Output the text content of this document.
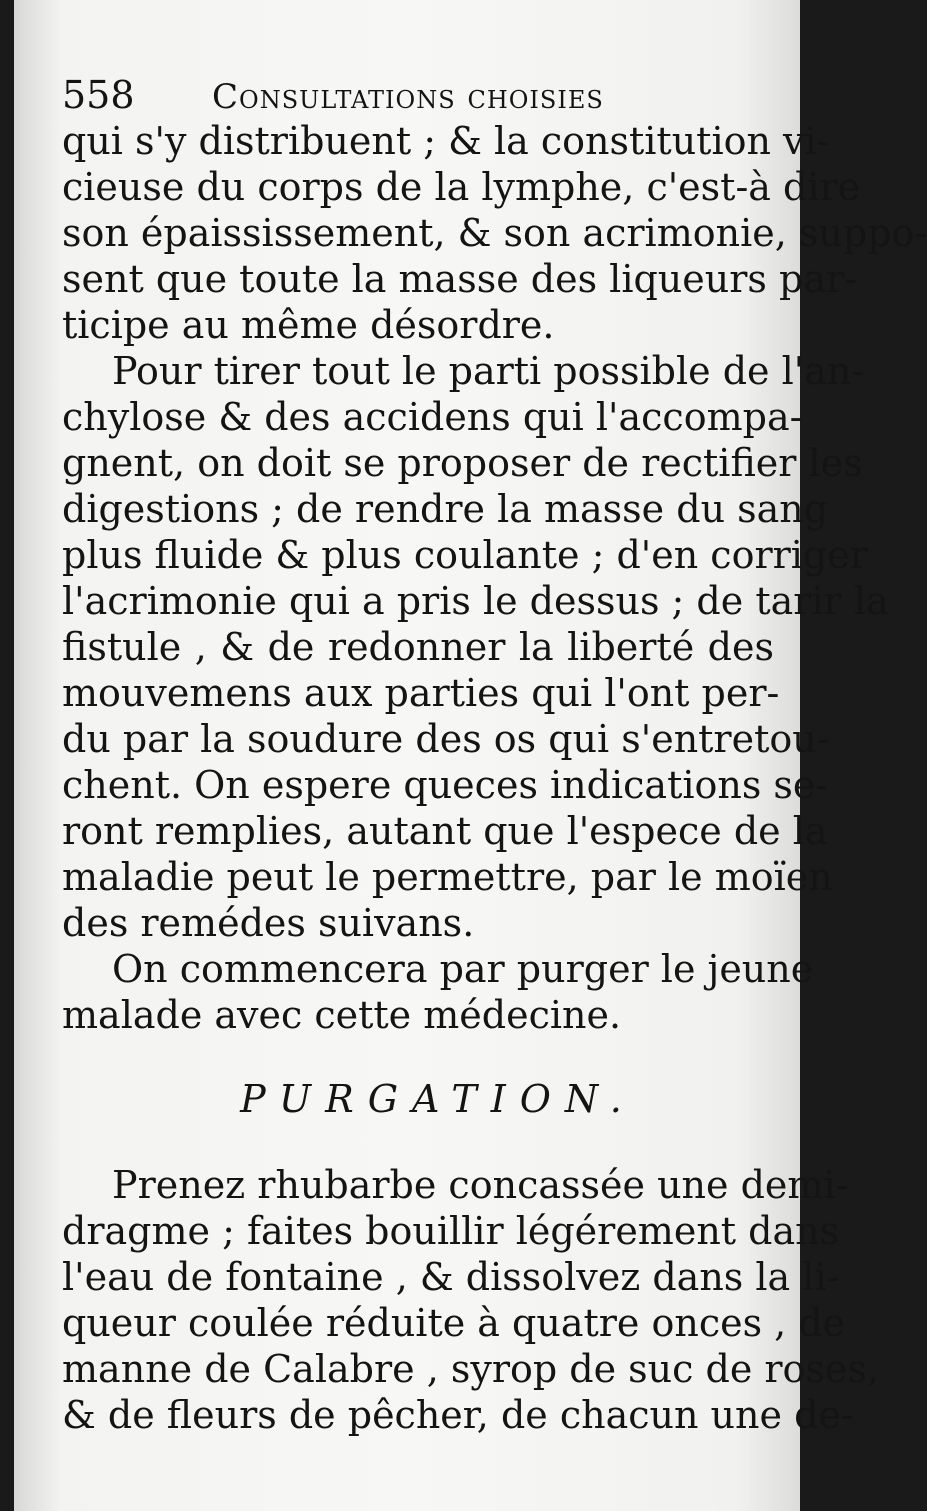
558 Consultations choisies
qui s'y distribuent ; & la constitution vi-
cieuse du corps de la lymphe, c'est-à dire
son épaississement, & son acrimonie, suppo-
sent que toute la masse des liqueurs par-
ticipe au même désordre.
Pour tirer tout le parti possible de l'an-
chylose & des accidens qui l'accompa-
gnent, on doit se proposer de rectifier les
digestions ; de rendre la masse du sang
plus fluide & plus coulante ; d'en corriger
l'acrimonie qui a pris le dessus ; de tarir la
fistule , & de redonner la liberté des
mouvemens aux parties qui l'ont per-
du par la soudure des os qui s'entretou-
chent. On espere queces indications se-
ront remplies, autant que l'espece de la
maladie peut le permettre, par le moïen
des remédes suivans.
On commencera par purger le jeune
malade avec cette médecine.
PURGATION.
Prenez rhubarbe concassée une demi-
dragme ; faites bouillir légérement dans
l'eau de fontaine , & dissolvez dans la li-
queur coulée réduite à quatre onces , de
manne de Calabre , syrop de suc de roses,
& de fleurs de pêcher, de chacun une de-
